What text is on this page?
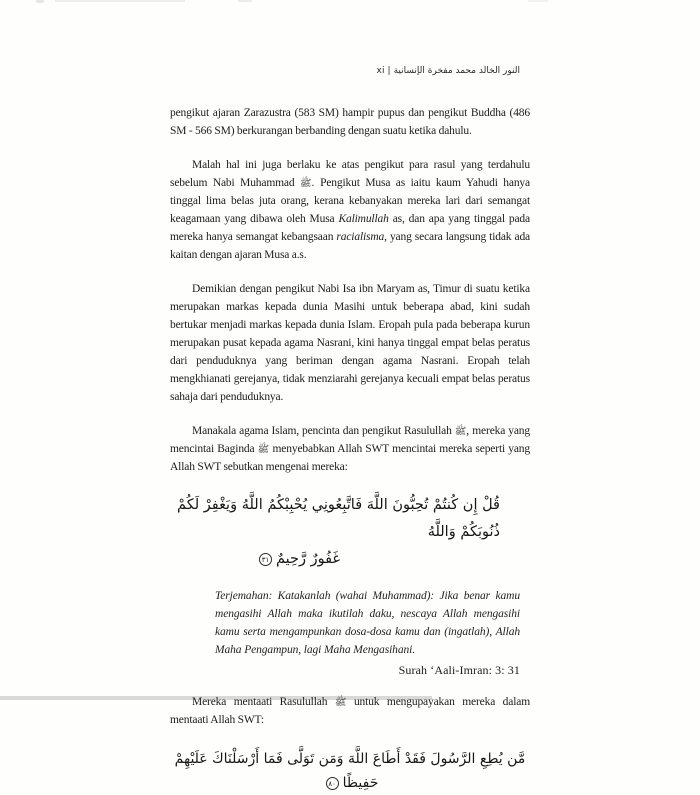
xi | النور الخالد محمد مفخرة الإنسانية

pengikut ajaran Zarazustra (583 SM) hampir pupus dan pengikut Buddha (486 SM - 566 SM) berkurangan berbanding dengan suatu ketika dahulu.

Malah hal ini juga berlaku ke atas pengikut para rasul yang terdahulu sebelum Nabi Muhammad ﷺ. Pengikut Musa as iaitu kaum Yahudi hanya tinggal lima belas juta orang, kerana kebanyakan mereka lari dari semangat keagamaan yang dibawa oleh Musa Kalimullah as, dan apa yang tinggal pada mereka hanya semangat kebangsaan racialisma, yang secara langsung tidak ada kaitan dengan ajaran Musa a.s.

Demikian dengan pengikut Nabi Isa ibn Maryam as, Timur di suatu ketika merupakan markas kepada dunia Masihi untuk beberapa abad, kini sudah bertukar menjadi markas kepada dunia Islam. Eropah pula pada beberapa kurun merupakan pusat kepada agama Nasrani, kini hanya tinggal empat belas peratus dari penduduknya yang beriman dengan agama Nasrani. Eropah telah mengkhianati gerejanya, tidak menziarahi gerejanya kecuali empat belas peratus sahaja dari penduduknya.

Manakala agama Islam, pencinta dan pengikut Rasulullah ﷺ, mereka yang mencintai Baginda ﷺ menyebabkan Allah SWT mencintai mereka seperti yang Allah SWT sebutkan mengenai mereka:

قُلْ إِن كُنتُمْ تُحِبُّونَ اللَّهَ فَاتَّبِعُونِي يُحْبِبْكُمُ اللَّهُ وَيَغْفِرْ لَكُمْ ذُنُوبَكُمْ وَاللَّهُ
غَفُورٌ رَّحِيمٌ٣١
Terjemahan: Katakanlah (wahai Muhammad): Jika benar kamu mengasihi Allah maka ikutilah daku, nescaya Allah mengasihi kamu serta mengampunkan dosa-dosa kamu dan (ingatlah), Allah Maha Pengampun, lagi Maha Mengasihani.
Surah ‘Aali-Imran: 3: 31

Mereka mentaati Rasulullah ﷺ untuk mengupayakan mereka dalam mentaati Allah SWT:

مَّن يُطِعِ الرَّسُولَ فَقَدْ أَطَاعَ اللَّهَ وَمَن تَوَلَّى فَمَا أَرْسَلْنَاكَ عَلَيْهِمْ حَفِيظًا٨٠
